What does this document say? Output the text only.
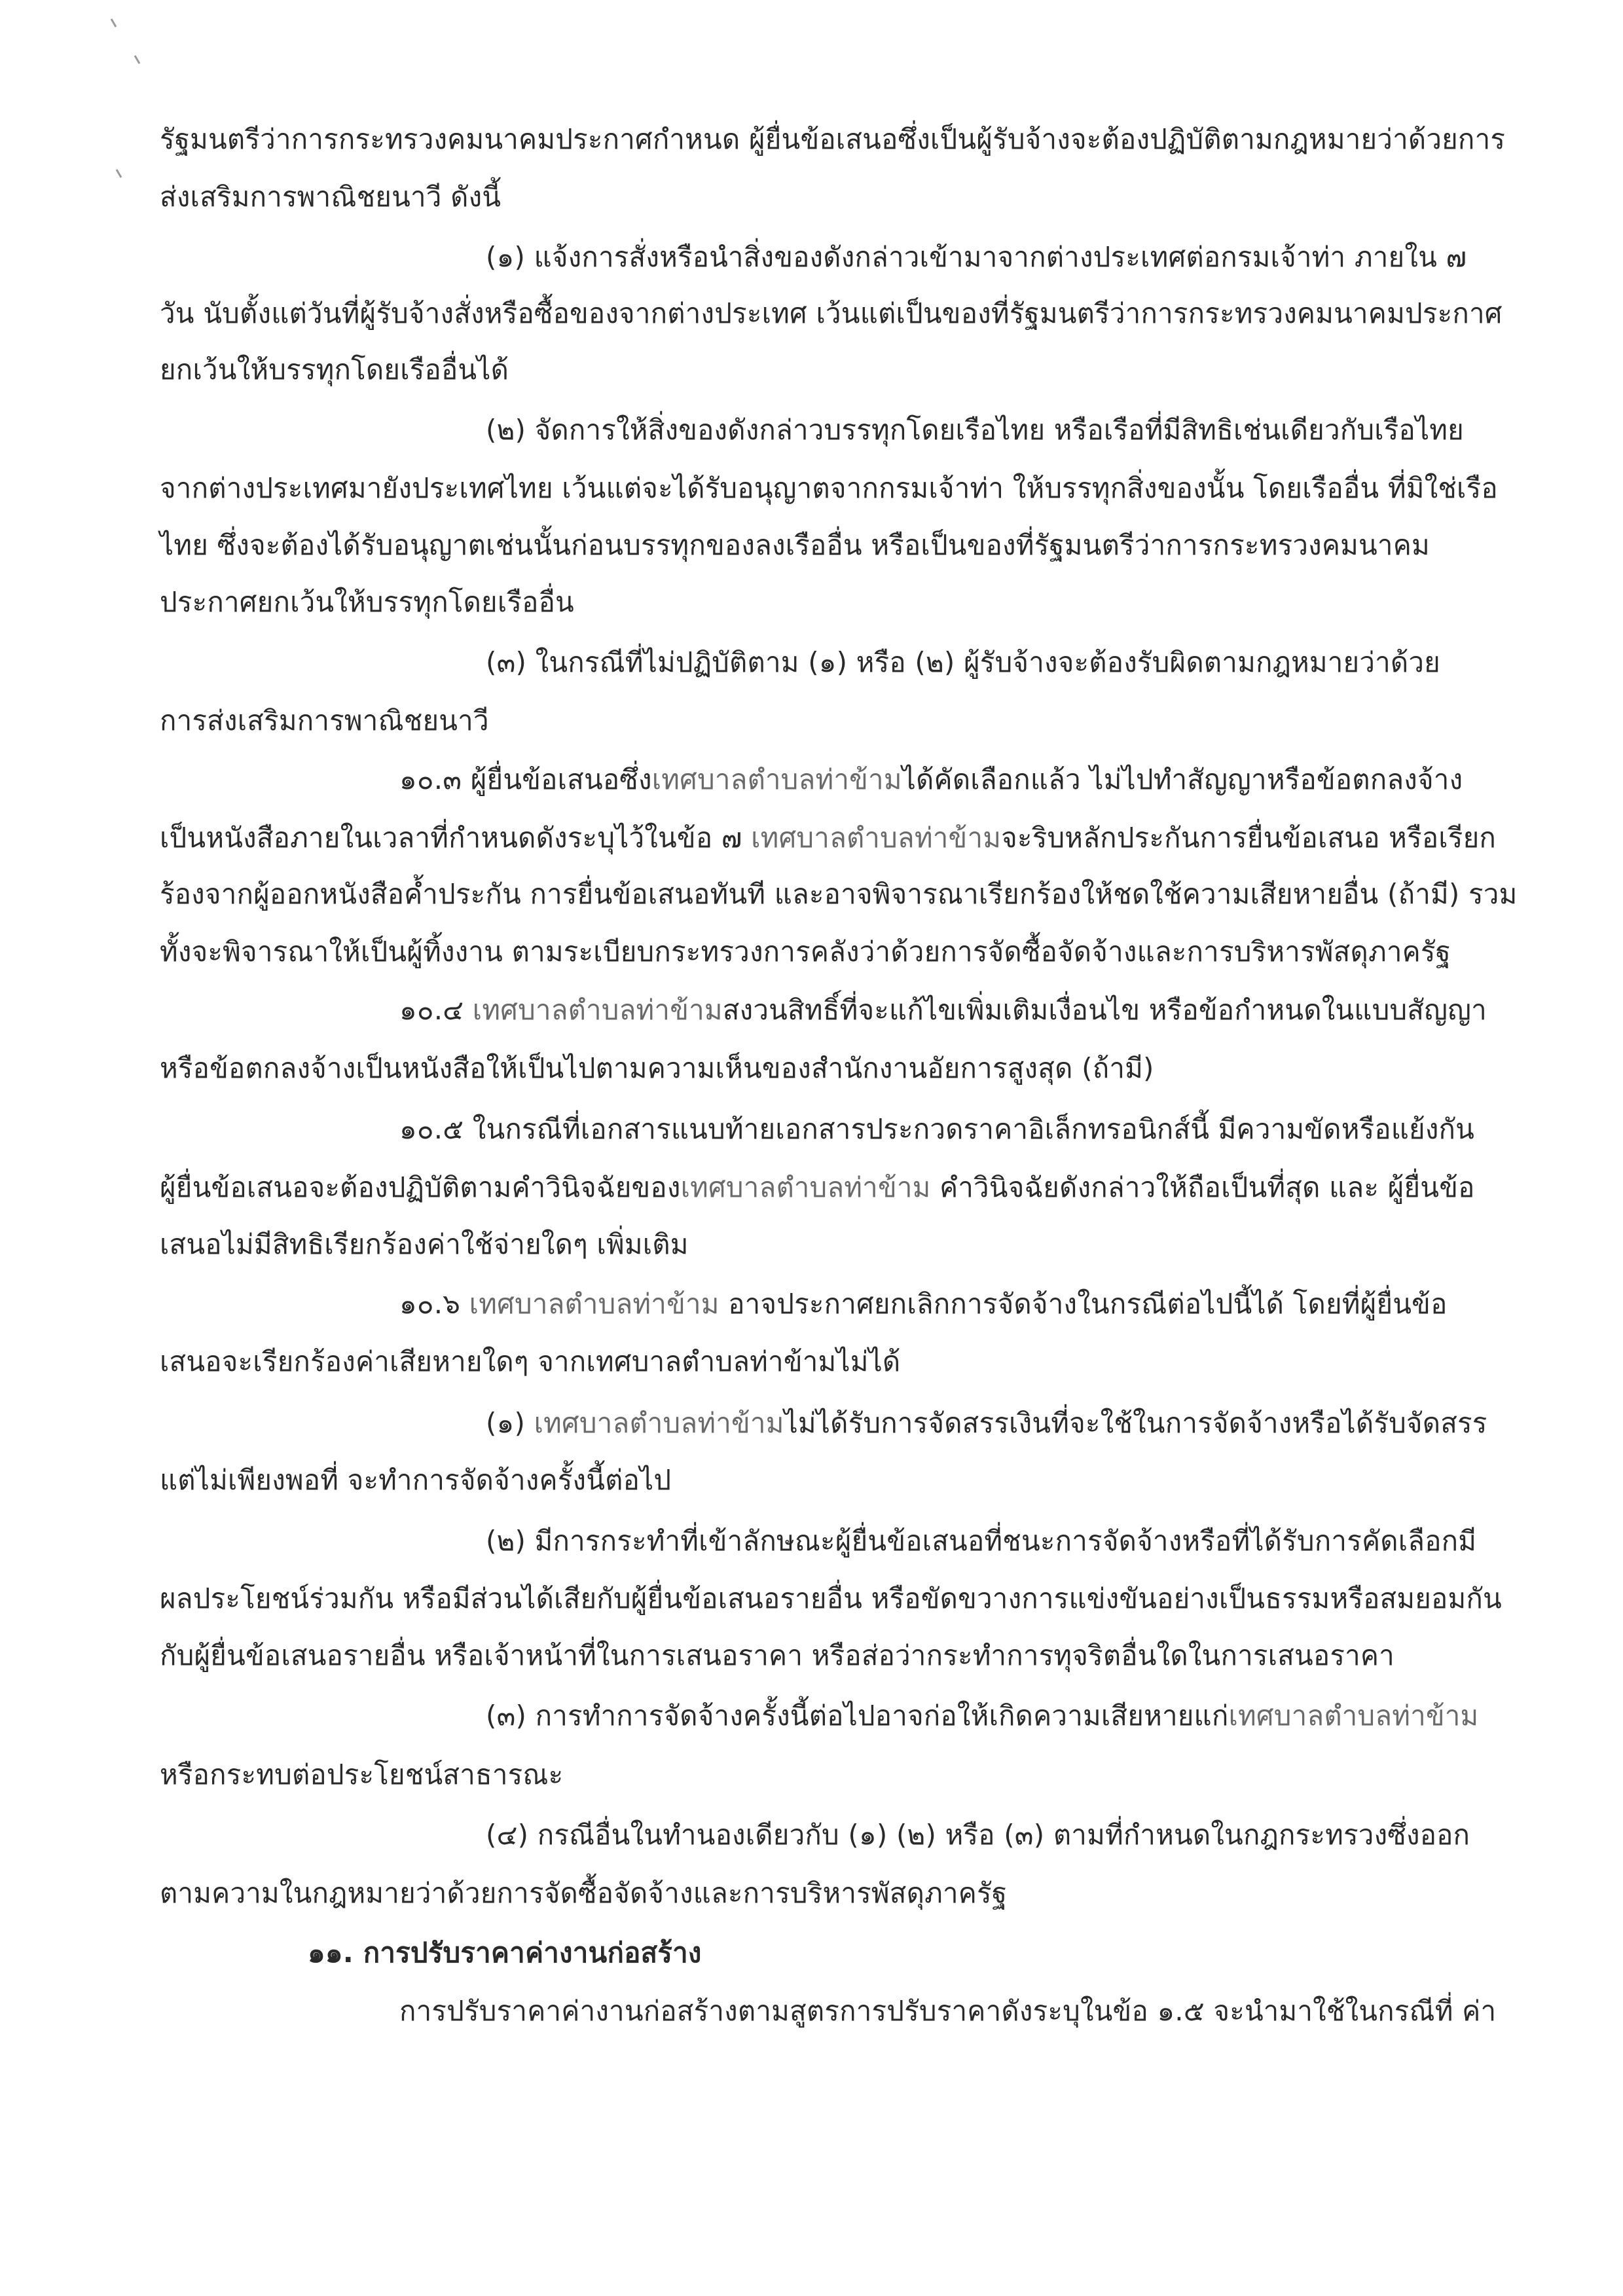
รัฐมนตรีว่าการกระทรวงคมนาคมประกาศกำหนด ผู้ยื่นข้อเสนอซึ่งเป็นผู้รับจ้างจะต้องปฏิบัติตามกฎหมายว่าด้วยการ
ส่งเสริมการพาณิชยนาวี ดังนี้
(๑) แจ้งการสั่งหรือนำสิ่งของดังกล่าวเข้ามาจากต่างประเทศต่อกรมเจ้าท่า ภายใน ๗
วัน นับตั้งแต่วันที่ผู้รับจ้างสั่งหรือซื้อของจากต่างประเทศ เว้นแต่เป็นของที่รัฐมนตรีว่าการกระทรวงคมนาคมประกาศ
ยกเว้นให้บรรทุกโดยเรืออื่นได้
(๒) จัดการให้สิ่งของดังกล่าวบรรทุกโดยเรือไทย หรือเรือที่มีสิทธิเช่นเดียวกับเรือไทย
จากต่างประเทศมายังประเทศไทย เว้นแต่จะได้รับอนุญาตจากกรมเจ้าท่า ให้บรรทุกสิ่งของนั้น โดยเรืออื่น ที่มิใช่เรือ
ไทย ซึ่งจะต้องได้รับอนุญาตเช่นนั้นก่อนบรรทุกของลงเรืออื่น หรือเป็นของที่รัฐมนตรีว่าการกระทรวงคมนาคม
ประกาศยกเว้นให้บรรทุกโดยเรืออื่น
(๓) ในกรณีที่ไม่ปฏิบัติตาม (๑) หรือ (๒) ผู้รับจ้างจะต้องรับผิดตามกฎหมายว่าด้วย
การส่งเสริมการพาณิชยนาวี
๑๐.๓ ผู้ยื่นข้อเสนอซึ่งเทศบาลตำบลท่าข้ามได้คัดเลือกแล้ว ไม่ไปทำสัญญาหรือข้อตกลงจ้าง
เป็นหนังสือภายในเวลาที่กำหนดดังระบุไว้ในข้อ ๗ เทศบาลตำบลท่าข้ามจะริบหลักประกันการยื่นข้อเสนอ หรือเรียก
ร้องจากผู้ออกหนังสือค้ำประกัน การยื่นข้อเสนอทันที และอาจพิจารณาเรียกร้องให้ชดใช้ความเสียหายอื่น (ถ้ามี) รวม
ทั้งจะพิจารณาให้เป็นผู้ทิ้งงาน ตามระเบียบกระทรวงการคลังว่าด้วยการจัดซื้อจัดจ้างและการบริหารพัสดุภาครัฐ
๑๐.๔ เทศบาลตำบลท่าข้ามสงวนสิทธิ์ที่จะแก้ไขเพิ่มเติมเงื่อนไข หรือข้อกำหนดในแบบสัญญา
หรือข้อตกลงจ้างเป็นหนังสือให้เป็นไปตามความเห็นของสำนักงานอัยการสูงสุด (ถ้ามี)
๑๐.๕ ในกรณีที่เอกสารแนบท้ายเอกสารประกวดราคาอิเล็กทรอนิกส์นี้ มีความขัดหรือแย้งกัน
ผู้ยื่นข้อเสนอจะต้องปฏิบัติตามคำวินิจฉัยของเทศบาลตำบลท่าข้าม คำวินิจฉัยดังกล่าวให้ถือเป็นที่สุด และ ผู้ยื่นข้อ
เสนอไม่มีสิทธิเรียกร้องค่าใช้จ่ายใดๆ เพิ่มเติม
๑๐.๖ เทศบาลตำบลท่าข้าม อาจประกาศยกเลิกการจัดจ้างในกรณีต่อไปนี้ได้ โดยที่ผู้ยื่นข้อ
เสนอจะเรียกร้องค่าเสียหายใดๆ จากเทศบาลตำบลท่าข้ามไม่ได้
(๑) เทศบาลตำบลท่าข้ามไม่ได้รับการจัดสรรเงินที่จะใช้ในการจัดจ้างหรือได้รับจัดสรร
แต่ไม่เพียงพอที่ จะทำการจัดจ้างครั้งนี้ต่อไป
(๒) มีการกระทำที่เข้าลักษณะผู้ยื่นข้อเสนอที่ชนะการจัดจ้างหรือที่ได้รับการคัดเลือกมี
ผลประโยชน์ร่วมกัน หรือมีส่วนได้เสียกับผู้ยื่นข้อเสนอรายอื่น หรือขัดขวางการแข่งขันอย่างเป็นธรรมหรือสมยอมกัน
กับผู้ยื่นข้อเสนอรายอื่น หรือเจ้าหน้าที่ในการเสนอราคา หรือส่อว่ากระทำการทุจริตอื่นใดในการเสนอราคา
(๓) การทำการจัดจ้างครั้งนี้ต่อไปอาจก่อให้เกิดความเสียหายแก่เทศบาลตำบลท่าข้าม
หรือกระทบต่อประโยชน์สาธารณะ
(๔) กรณีอื่นในทำนองเดียวกับ (๑) (๒) หรือ (๓) ตามที่กำหนดในกฎกระทรวงซึ่งออก
ตามความในกฎหมายว่าด้วยการจัดซื้อจัดจ้างและการบริหารพัสดุภาครัฐ
๑๑. การปรับราคาค่างานก่อสร้าง
การปรับราคาค่างานก่อสร้างตามสูตรการปรับราคาดังระบุในข้อ ๑.๕ จะนำมาใช้ในกรณีที่ ค่า
